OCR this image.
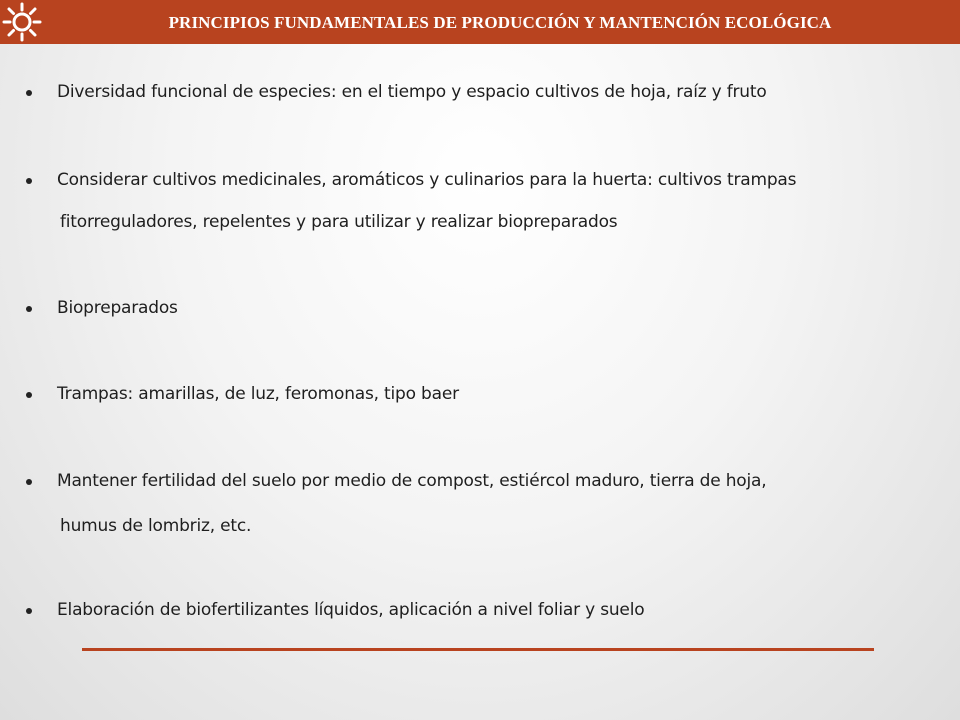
PRINCIPIOS FUNDAMENTALES DE PRODUCCIÓN Y MANTENCIÓN ECOLÓGICA
Diversidad funcional de especies: en el tiempo y espacio cultivos de hoja, raíz y fruto
Considerar cultivos medicinales, aromáticos y culinarios para la huerta: cultivos trampas
fitorreguladores, repelentes y para utilizar y realizar biopreparados
Biopreparados
Trampas: amarillas, de luz, feromonas, tipo baer
Mantener fertilidad del suelo por medio de compost, estiércol maduro, tierra de hoja,
humus de lombriz, etc.
Elaboración de biofertilizantes líquidos, aplicación a nivel foliar y suelo
